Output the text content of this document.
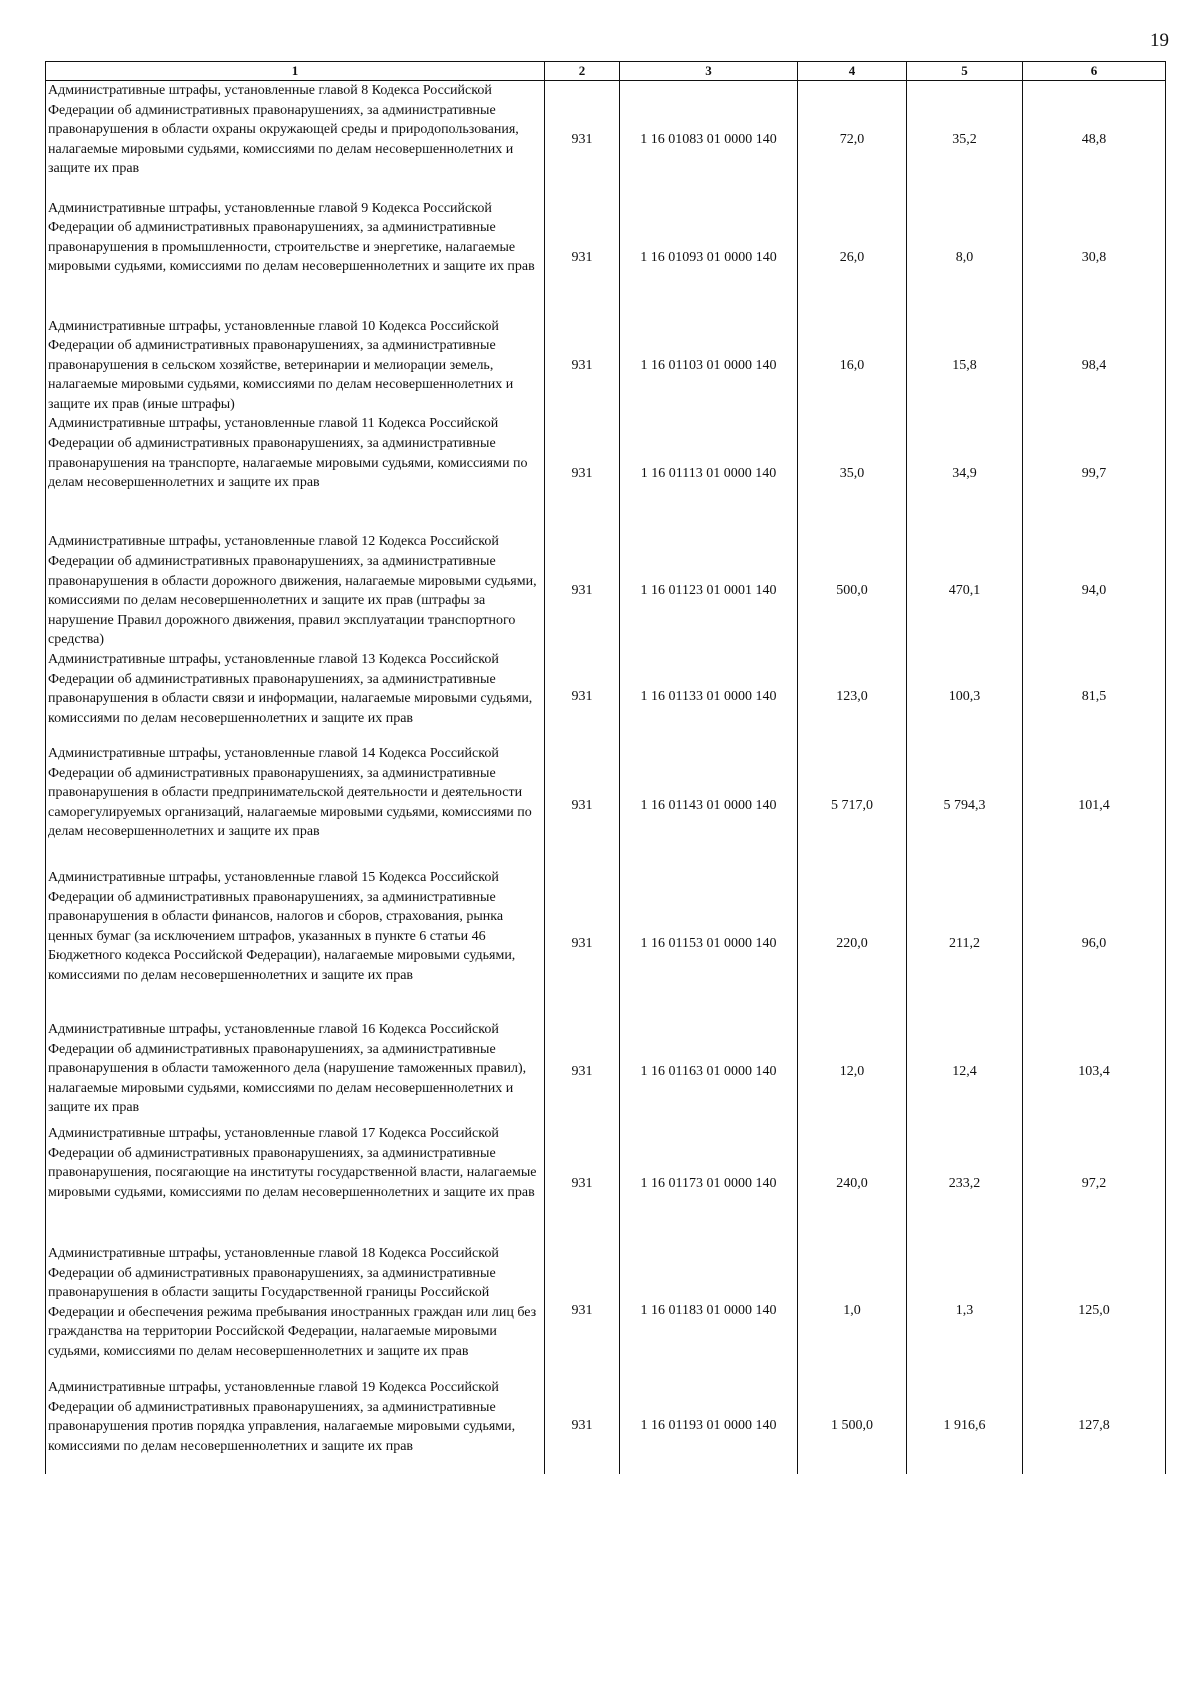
19
1	2	3	4	5	6
Административные штрафы, установленные главой 8 Кодекса Российской Федерации об административных правонарушениях, за административные правонарушения в области охраны окружающей среды и природопользования, налагаемые мировыми судьями, комиссиями по делам несовершеннолетних и защите их прав	931	1 16 01083 01 0000 140	72,0	35,2	48,8
Административные штрафы, установленные главой 9 Кодекса Российской Федерации об административных правонарушениях, за административные правонарушения в промышленности, строительстве и энергетике, налагаемые мировыми судьями, комиссиями по делам несовершеннолетних и защите их прав	931	1 16 01093 01 0000 140	26,0	8,0	30,8
Административные штрафы, установленные главой 10 Кодекса Российской Федерации об административных правонарушениях, за административные правонарушения в сельском хозяйстве, ветеринарии и мелиорации земель, налагаемые мировыми судьями, комиссиями по делам несовершеннолетних и защите их прав (иные штрафы)	931	1 16 01103 01 0000 140	16,0	15,8	98,4
Административные штрафы, установленные главой 11 Кодекса Российской Федерации об административных правонарушениях, за административные правонарушения на транспорте, налагаемые мировыми судьями, комиссиями по делам несовершеннолетних и защите их прав	931	1 16 01113 01 0000 140	35,0	34,9	99,7
Административные штрафы, установленные главой 12 Кодекса Российской Федерации об административных правонарушениях, за административные правонарушения в области дорожного движения, налагаемые мировыми судьями, комиссиями по делам несовершеннолетних и защите их прав (штрафы за нарушение Правил дорожного движения, правил эксплуатации транспортного средства)	931	1 16 01123 01 0001 140	500,0	470,1	94,0
Административные штрафы, установленные главой 13 Кодекса Российской Федерации об административных правонарушениях, за административные правонарушения в области связи и информации, налагаемые мировыми судьями, комиссиями по делам несовершеннолетних и защите их прав	931	1 16 01133 01 0000 140	123,0	100,3	81,5
Административные штрафы, установленные главой 14 Кодекса Российской Федерации об административных правонарушениях, за административные правонарушения в области предпринимательской деятельности и деятельности саморегулируемых организаций, налагаемые мировыми судьями, комиссиями по делам несовершеннолетних и защите их прав	931	1 16 01143 01 0000 140	5 717,0	5 794,3	101,4
Административные штрафы, установленные главой 15 Кодекса Российской Федерации об административных правонарушениях, за административные правонарушения в области финансов, налогов и сборов, страхования, рынка ценных бумаг (за исключением штрафов, указанных в пункте 6 статьи 46 Бюджетного кодекса Российской Федерации), налагаемые мировыми судьями, комиссиями по делам несовершеннолетних и защите их прав	931	1 16 01153 01 0000 140	220,0	211,2	96,0
Административные штрафы, установленные главой 16 Кодекса Российской Федерации об административных правонарушениях, за административные правонарушения в области таможенного дела (нарушение таможенных правил), налагаемые мировыми судьями, комиссиями по делам несовершеннолетних и защите их прав	931	1 16 01163 01 0000 140	12,0	12,4	103,4
Административные штрафы, установленные главой 17 Кодекса Российской Федерации об административных правонарушениях, за административные правонарушения, посягающие на институты государственной власти, налагаемые мировыми судьями, комиссиями по делам несовершеннолетних и защите их прав	931	1 16 01173 01 0000 140	240,0	233,2	97,2
Административные штрафы, установленные главой 18 Кодекса Российской Федерации об административных правонарушениях, за административные правонарушения в области защиты Государственной границы Российской Федерации и обеспечения режима пребывания иностранных граждан или лиц без гражданства на территории Российской Федерации, налагаемые мировыми судьями, комиссиями по делам несовершеннолетних и защите их прав	931	1 16 01183 01 0000 140	1,0	1,3	125,0
Административные штрафы, установленные главой 19 Кодекса Российской Федерации об административных правонарушениях, за административные правонарушения против порядка управления, налагаемые мировыми судьями, комиссиями по делам несовершеннолетних и защите их прав	931	1 16 01193 01 0000 140	1 500,0	1 916,6	127,8
